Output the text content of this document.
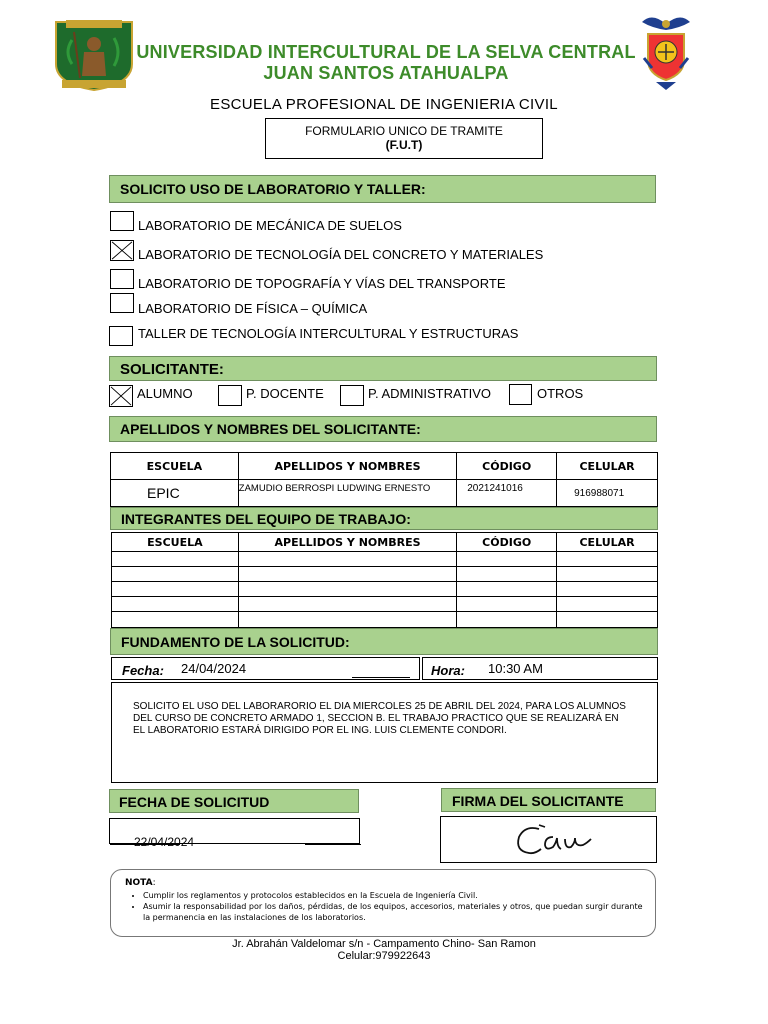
UNIVERSIDAD INTERCULTURAL DE LA SELVA CENTRAL
JUAN SANTOS ATAHUALPA
ESCUELA PROFESIONAL DE INGENIERIA CIVIL
FORMULARIO UNICO DE TRAMITE
(F.U.T)
SOLICITO USO DE LABORATORIO Y TALLER:
LABORATORIO DE MECÁNICA DE SUELOS
LABORATORIO DE TECNOLOGÍA DEL CONCRETO Y MATERIALES
LABORATORIO DE TOPOGRAFÍA Y VÍAS DEL TRANSPORTE
LABORATORIO DE FÍSICA – QUÍMICA
TALLER DE TECNOLOGÍA INTERCULTURAL Y ESTRUCTURAS
SOLICITANTE:
ALUMNO	P. DOCENTE	P. ADMINISTRATIVO	OTROS
APELLIDOS Y NOMBRES DEL SOLICITANTE:
ESCUELA	APELLIDOS Y NOMBRES	CÓDIGO	CELULAR
EPIC	ZAMUDIO BERROSPI LUDWING ERNESTO	2021241016	916988071
INTEGRANTES DEL EQUIPO DE TRABAJO:
ESCUELA	APELLIDOS Y NOMBRES	CÓDIGO	CELULAR

FUNDAMENTO DE LA SOLICITUD:
Fecha: 24/04/2024	Hora: 10:30 AM
SOLICITO EL USO DEL LABORARORIO EL DIA MIERCOLES 25 DE ABRIL DEL 2024, PARA LOS ALUMNOS DEL CURSO DE CONCRETO ARMADO 1, SECCION B. EL TRABAJO PRACTICO QUE SE REALIZARÁ EN EL LABORATORIO ESTARÁ DIRIGIDO POR EL ING. LUIS CLEMENTE CONDORI.
FECHA DE SOLICITUD
22/04/2024
FIRMA DEL SOLICITANTE
NOTA:
• Cumplir los reglamentos y protocolos establecidos en la Escuela de Ingeniería Civil.
• Asumir la responsabilidad por los daños, pérdidas, de los equipos, accesorios, materiales y otros, que puedan surgir durante la permanencia en las instalaciones de los laboratorios.
Jr. Abrahán Valdelomar s/n - Campamento Chino- San Ramon
Celular:979922643
